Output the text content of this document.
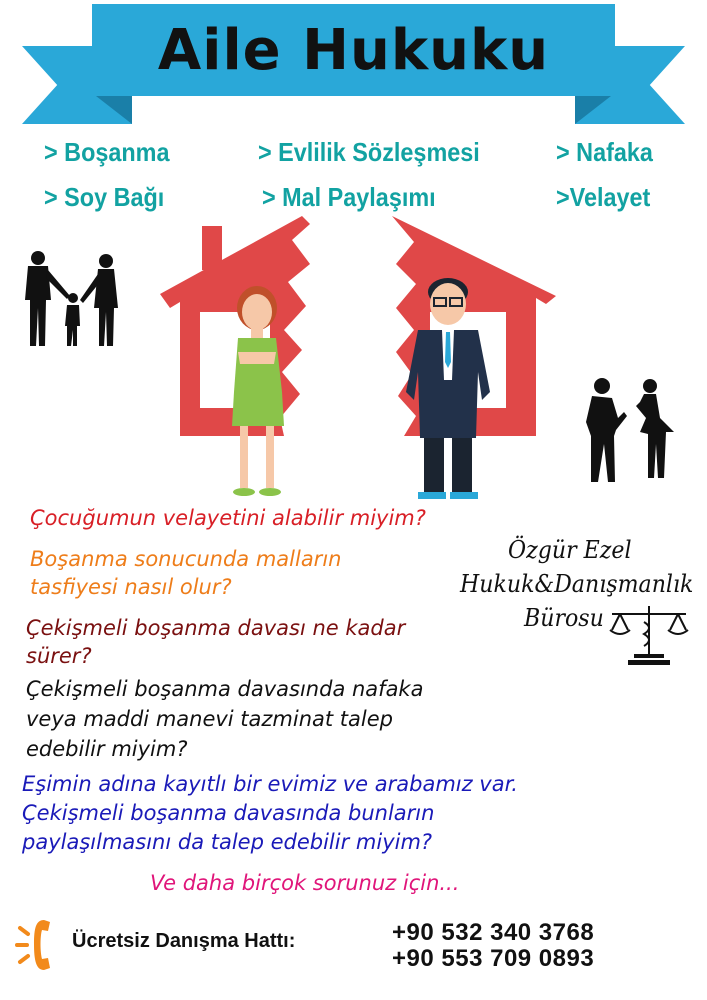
Aile Hukuku
> Boşanma	> Evlilik Sözleşmesi	> Nafaka
> Soy Bağı	> Mal Paylaşımı	>Velayet
Çocuğumun velayetini alabilir miyim?
Boşanma sonucunda malların
tasfiyesi nasıl olur?
Çekişmeli boşanma davası ne kadar
sürer?
Çekişmeli boşanma davasında nafaka
veya maddi manevi tazminat talep
edebilir miyim?
Eşimin adına kayıtlı bir evimiz ve arabamız var.
Çekişmeli boşanma davasında bunların
paylaşılmasını da talep edebilir miyim?
Ve daha birçok sorunuz için...
Özgür Ezel
Hukuk&Danışmanlık
Bürosu
Ücretsiz Danışma Hattı:	+90 532 340 3768
+90 553 709 0893
